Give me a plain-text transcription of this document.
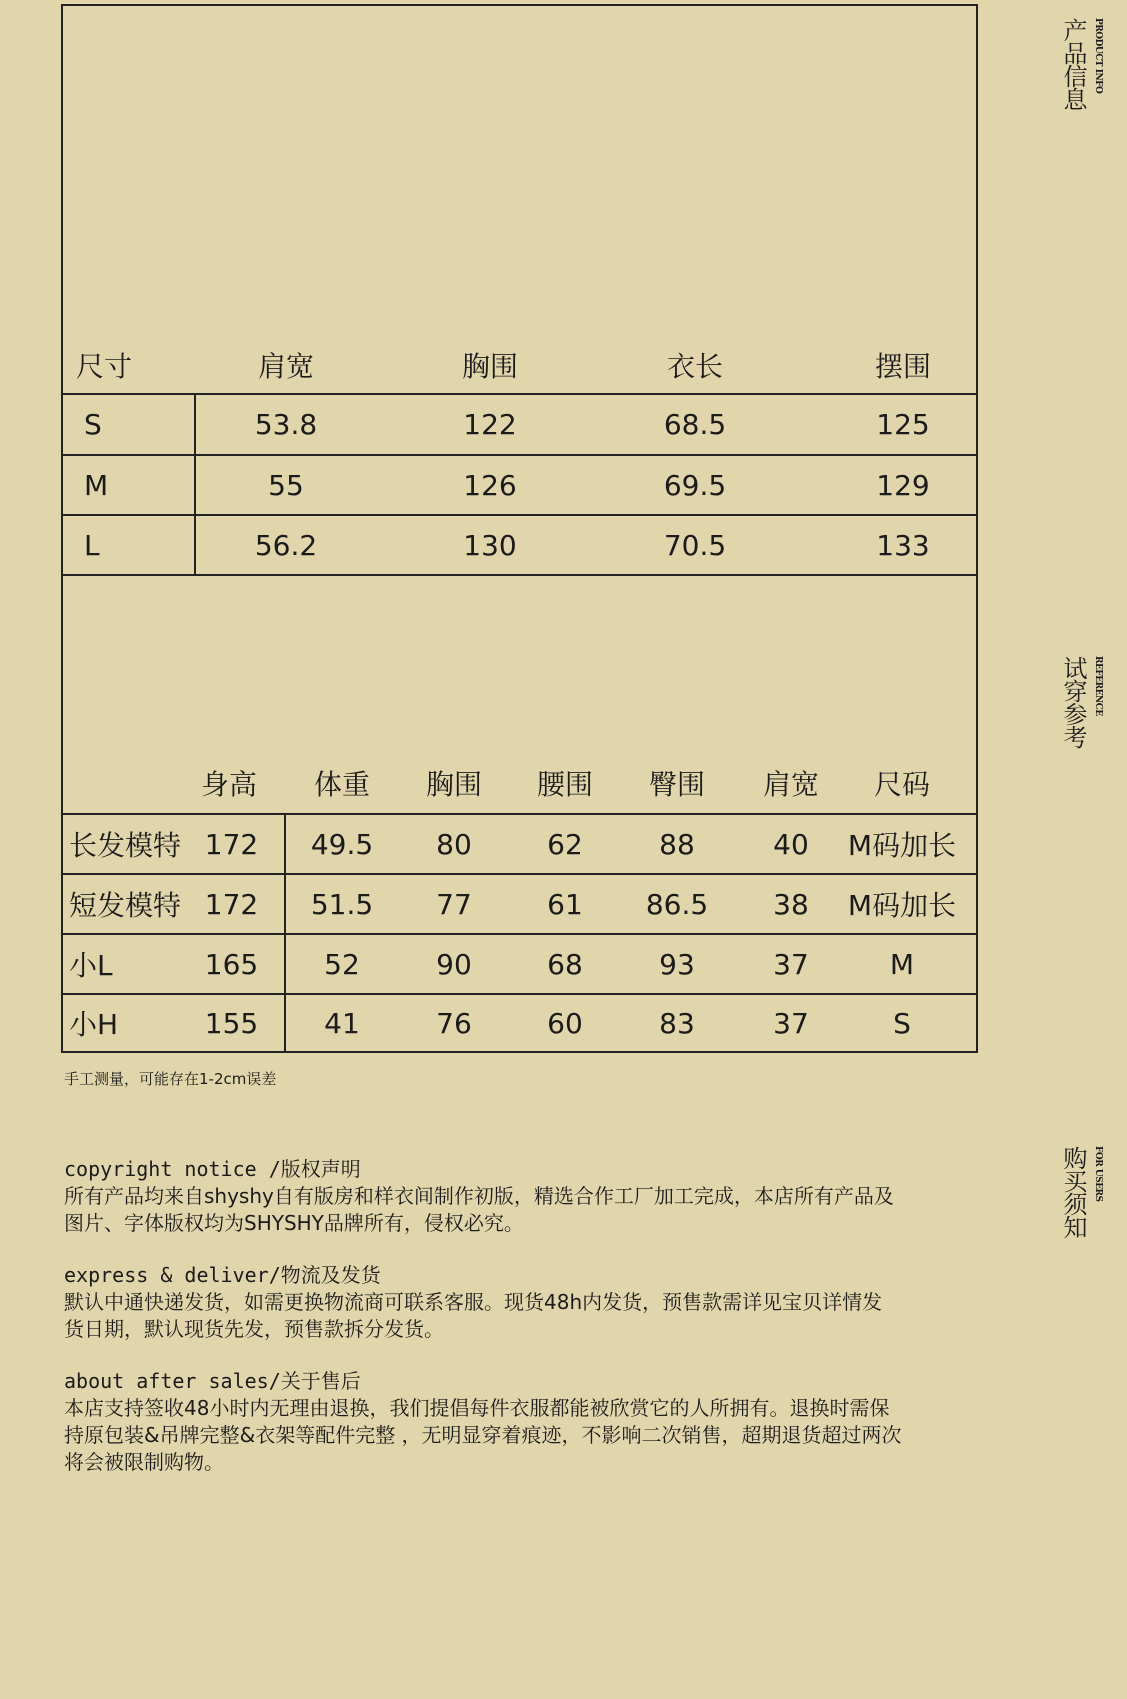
产品信息 PRODUCT INFO
试穿参考 REFERENCE
购买须知 FOR USERS
尺寸	肩宽	胸围	衣长	摆围
S	53.8	122	68.5	125
M	55	126	69.5	129
L	56.2	130	70.5	133
身高	体重	胸围	腰围	臀围	肩宽	尺码
长发模特 172	49.5	80	62	88	40	M码加长
短发模特 172	51.5	77	61	86.5	38	M码加长
小L	165	52	90	68	93	37	M
小H	155	41	76	60	83	37	S
手工测量，可能存在1-2cm误差
copyright notice /版权声明
所有产品均来自shyshy自有版房和样衣间制作初版，精选合作工厂加工完成，本店所有产品及
图片、字体版权均为SHYSHY品牌所有，侵权必究。
express & deliver/物流及发货
默认中通快递发货，如需更换物流商可联系客服。现货48h内发货，预售款需详见宝贝详情发
货日期，默认现货先发，预售款拆分发货。
about after sales/关于售后
本店支持签收48小时内无理由退换，我们提倡每件衣服都能被欣赏它的人所拥有。退换时需保
持原包装&吊牌完整&衣架等配件完整 ，无明显穿着痕迹，不影响二次销售，超期退货超过两次
将会被限制购物。
